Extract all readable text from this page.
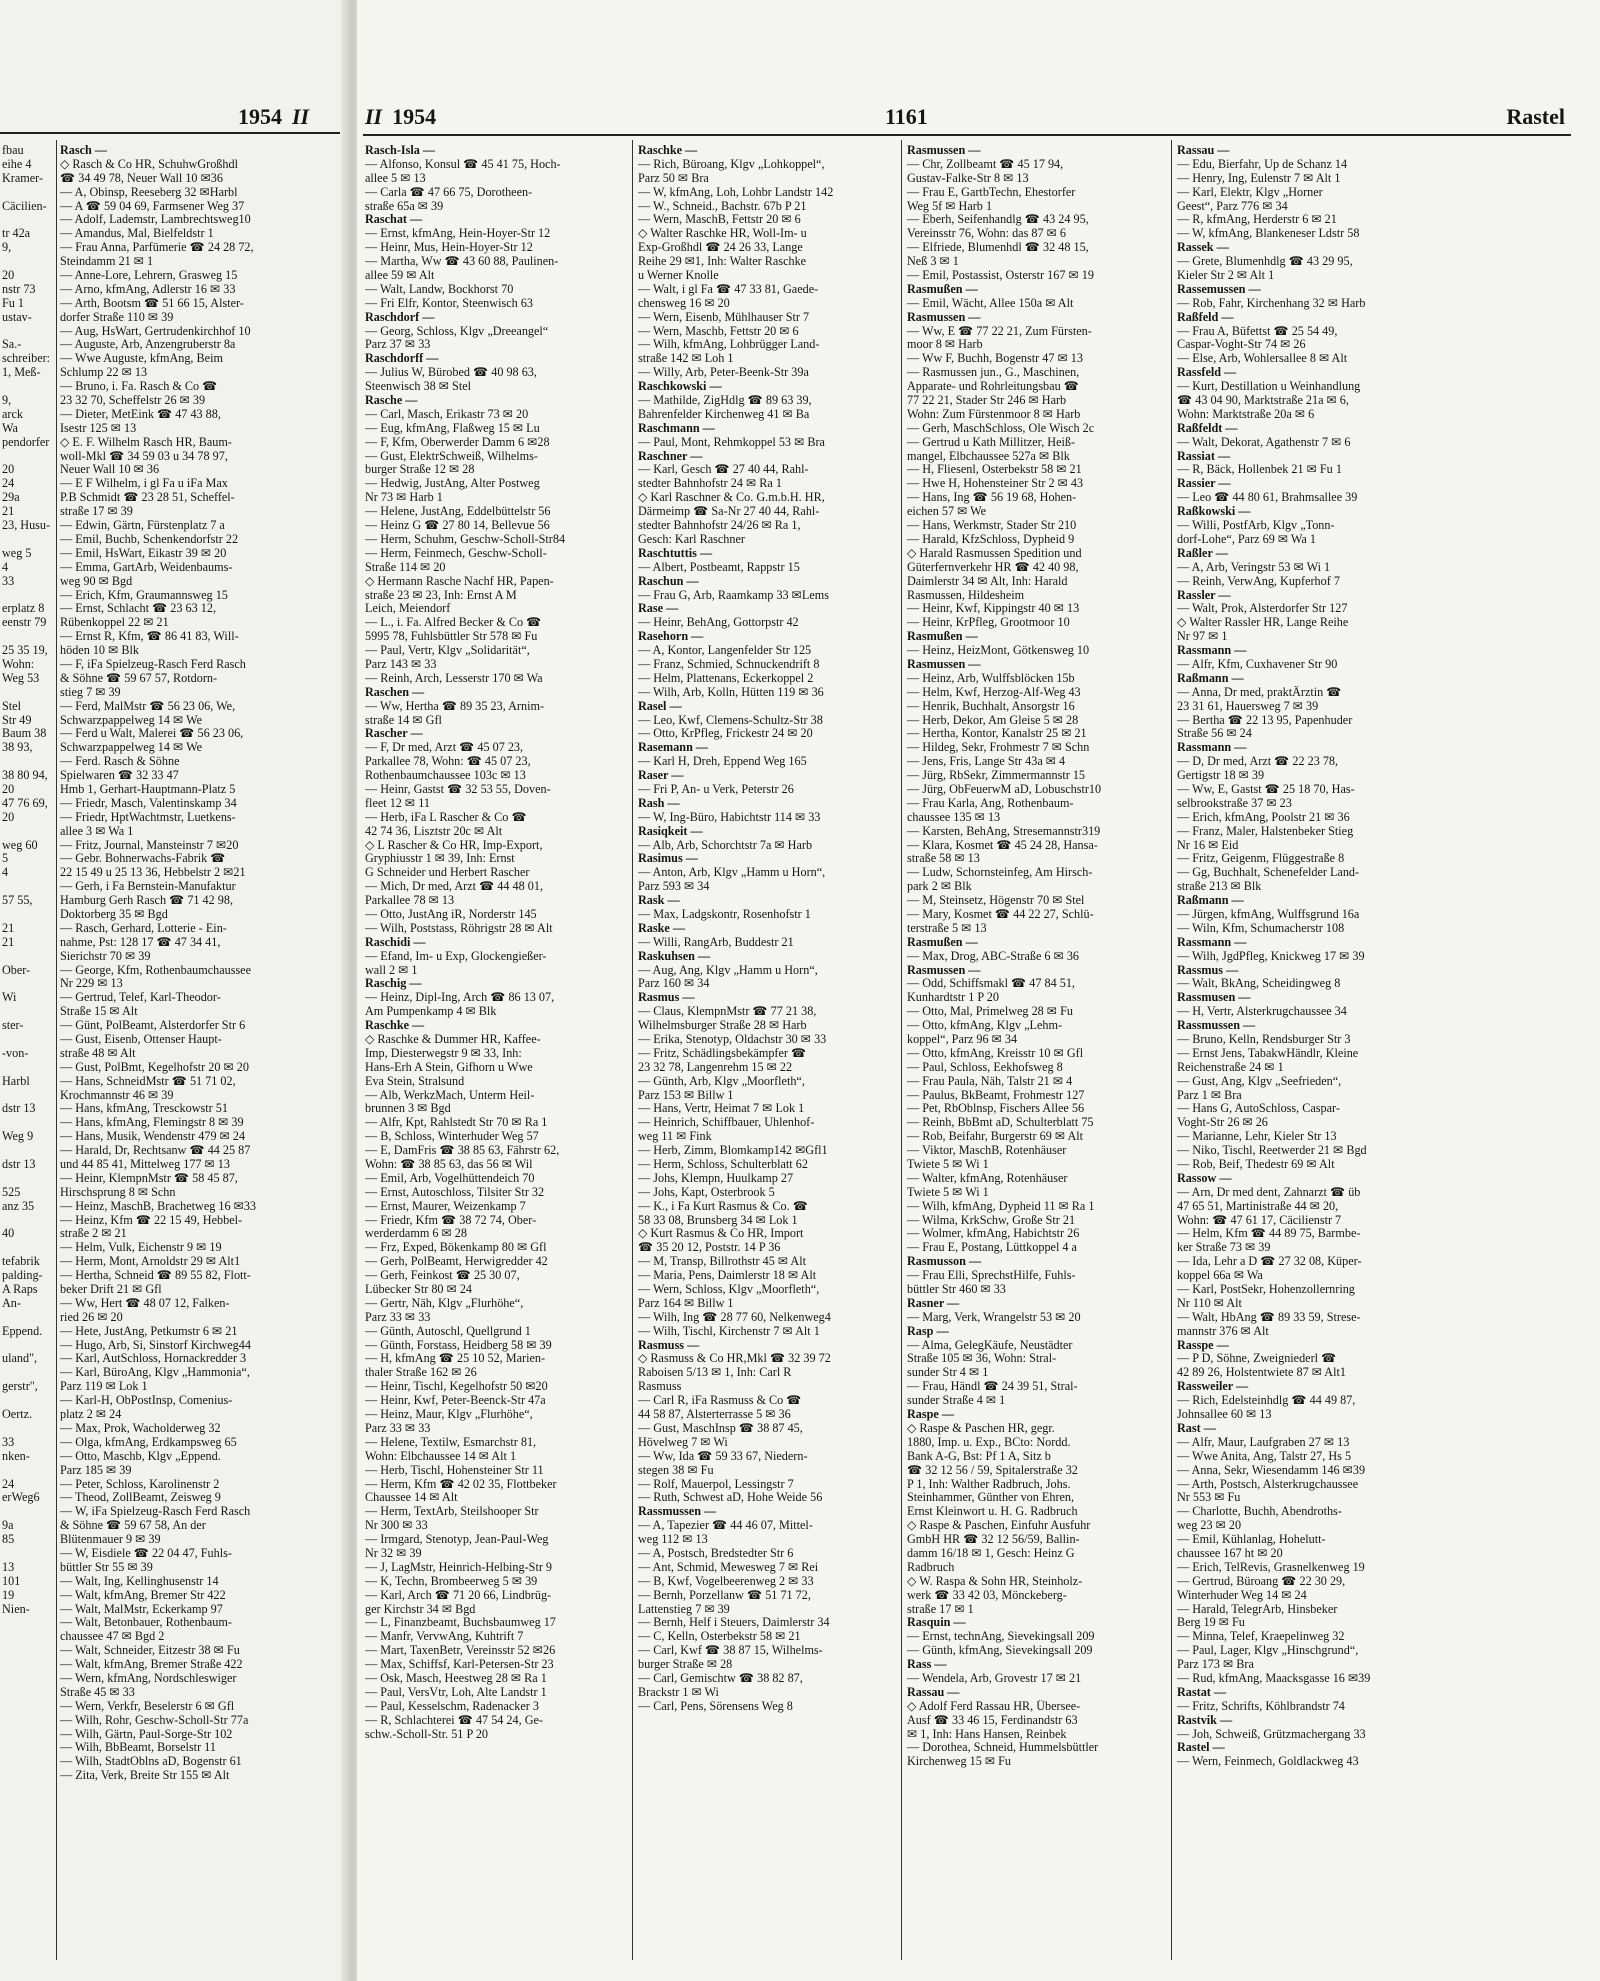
1954 II
fbau
eihe 4
Kramer-
Cäcilien-
tr 42a
9,
20
nstr 73
Fu 1
ustav-
Sa.-
schreiber:
1, Meß-
9,
arck
Wa
pendorfer
20
24
29a
21
23, Husu-
weg 5
4
33
erplatz 8
eenstr 79
25 35 19,
Wohn:
Weg 53
Stel
Str 49
Baum 38
38 93,
38 80 94,
20
47 76 69,
20
weg 60
5
4
57 55,
21
21
Ober-
Wi
ster-
-von-
Harbl
dstr 13
Weg 9
dstr 13
525
anz 35
40
tefabrik
palding-
A Raps
An-
Eppend.
uland",
gerstr",
Oertz.
33
nken-
24
erWeg6
9a
85
13
101
19
Nien-
Rasch —
◇ Rasch & Co HR, SchuhwGroßhdl
☎ 34 49 78, Neuer Wall 10 ✉36
— A, Obinsp, Reeseberg 32 ✉Harbl
— A ☎ 59 04 69, Farmsener Weg 37
— Adolf, Lademstr, Lambrechtsweg10
— Amandus, Mal, Bielfeldstr 1
— Frau Anna, Parfümerie ☎ 24 28 72,
Steindamm 21 ✉ 1
— Anne-Lore, Lehrern, Grasweg 15
— Arno, kfmAng, Adlerstr 16 ✉ 33
— Arth, Bootsm ☎ 51 66 15, Alster-
dorfer Straße 110 ✉ 39
— Aug, HsWart, Gertrudenkirchhof 10
— Auguste, Arb, Anzengruberstr 8a
— Wwe Auguste, kfmAng, Beim
Schlump 22 ✉ 13
— Bruno, i. Fa. Rasch & Co ☎
23 32 70, Scheffelstr 26 ✉ 39
— Dieter, MetEink ☎ 47 43 88,
Isestr 125 ✉ 13
◇ E. F. Wilhelm Rasch HR, Baum-
woll-Mkl ☎ 34 59 03 u 34 78 97,
Neuer Wall 10 ✉ 36
— E F Wilhelm, i gl Fa u iFa Max
P.B Schmidt ☎ 23 28 51, Scheffel-
straße 17 ✉ 39
— Edwin, Gärtn, Fürstenplatz 7 a
— Emil, Buchb, Schenkendorfstr 22
— Emil, HsWart, Eikastr 39 ✉ 20
— Emma, GartArb, Weidenbaums-
weg 90 ✉ Bgd
— Erich, Kfm, Graumannsweg 15
— Ernst, Schlacht ☎ 23 63 12,
Rübenkoppel 22 ✉ 21
— Ernst R, Kfm, ☎ 86 41 83, Will-
höden 10 ✉ Blk
— F, iFa Spielzeug-Rasch Ferd Rasch
& Söhne ☎ 59 67 57, Rotdorn-
stieg 7 ✉ 39
— Ferd, MalMstr ☎ 56 23 06, We,
Schwarzpappelweg 14 ✉ We
— Ferd u Walt, Malerei ☎ 56 23 06,
Schwarzpappelweg 14 ✉ We
— Ferd. Rasch & Söhne
Spielwaren ☎ 32 33 47
Hmb 1, Gerhart-Hauptmann-Platz 5
— Friedr, Masch, Valentinskamp 34
— Friedr, HptWachtmstr, Luetkens-
allee 3 ✉ Wa 1
— Fritz, Journal, Mansteinstr 7 ✉20
— Gebr. Bohnerwachs-Fabrik ☎
22 15 49 u 25 13 36, Hebbelstr 2 ✉21
— Gerh, i Fa Bernstein-Manufaktur
Hamburg Gerh Rasch ☎ 71 42 98,
Doktorberg 35 ✉ Bgd
— Rasch, Gerhard, Lotterie - Ein-
nahme, Pst: 128 17 ☎ 47 34 41,
Sierichstr 70 ✉ 39
— George, Kfm, Rothenbaumchaussee
Nr 229 ✉ 13
— Gertrud, Telef, Karl-Theodor-
Straße 15 ✉ Alt
— Günt, PolBeamt, Alsterdorfer Str 6
— Gust, Eisenb, Ottenser Haupt-
straße 48 ✉ Alt
— Gust, PolBmt, Kegelhofstr 20 ✉ 20
— Hans, SchneidMstr ☎ 51 71 02,
Krochmannstr 46 ✉ 39
— Hans, kfmAng, Tresckowstr 51
— Hans, kfmAng, Flemingstr 8 ✉ 39
— Hans, Musik, Wendenstr 479 ✉ 24
— Harald, Dr, Rechtsanw ☎ 44 25 87
und 44 85 41, Mittelweg 177 ✉ 13
— Heinr, KlempnMstr ☎ 58 45 87,
Hirschsprung 8 ✉ Schn
— Heinz, MaschB, Brachetweg 16 ✉33
— Heinz, Kfm ☎ 22 15 49, Hebbel-
straße 2 ✉ 21
— Helm, Vulk, Eichenstr 9 ✉ 19
— Herm, Mont, Arnoldstr 29 ✉ Alt1
— Hertha, Schneid ☎ 89 55 82, Flott-
beker Drift 21 ✉ Gfl
— Ww, Hert ☎ 48 07 12, Falken-
ried 26 ✉ 20
— Hete, JustAng, Petkumstr 6 ✉ 21
— Hugo, Arb, Si, Sinstorf Kirchweg44
— Karl, AutSchloss, Hornackredder 3
— Karl, BüroAng, Klgv „Hammonia“,
Parz 119 ✉ Lok 1
— Karl-H, ObPostInsp, Comenius-
platz 2 ✉ 24
— Max, Prok, Wacholderweg 32
— Olga, kfmAng, Erdkampsweg 65
— Otto, Maschb, Klgv „Eppend.
Parz 185 ✉ 39
— Peter, Schloss, Karolinenstr 2
— Theod, ZollBeamt, Zeisweg 9
— W, iFa Spielzeug-Rasch Ferd Rasch
& Söhne ☎ 59 67 58, An der
Blütenmauer 9 ✉ 39
— W, Eisdiele ☎ 22 04 47, Fuhls-
büttler Str 55 ✉ 39
— Walt, Ing, Kellinghusenstr 14
— Walt, kfmAng, Bremer Str 422
— Walt, MalMstr, Eckerkamp 97
— Walt, Betonbauer, Rothenbaum-
chaussee 47 ✉ Bgd 2
— Walt, Schneider, Eitzestr 38 ✉ Fu
— Walt, kfmAng, Bremer Straße 422
— Wern, kfmAng, Nordschleswiger
Straße 45 ✉ 33
— Wern, Verkfr, Beselerstr 6 ✉ Gfl
— Wilh, Rohr, Geschw-Scholl-Str 77a
— Wilh, Gärtn, Paul-Sorge-Str 102
— Wilh, BbBeamt, Borselstr 11
— Wilh, StadtOblns aD, Bogenstr 61
— Zita, Verk, Breite Str 155 ✉ Alt
II 1954	1161	Rastel
Rasch-Isla —
— Alfonso, Konsul ☎ 45 41 75, Hoch-
allee 5 ✉ 13
— Carla ☎ 47 66 75, Dorotheen-
straße 65a ✉ 39
Raschat —
— Ernst, kfmAng, Hein-Hoyer-Str 12
— Heinr, Mus, Hein-Hoyer-Str 12
— Martha, Ww ☎ 43 60 88, Paulinen-
allee 59 ✉ Alt
— Walt, Landw, Bockhorst 70
— Fri Elfr, Kontor, Steenwisch 63
Raschdorf —
— Georg, Schloss, Klgv „Dreeangel“
Parz 37 ✉ 33
Raschdorff —
— Julius W, Bürobed ☎ 40 98 63,
Steenwisch 38 ✉ Stel
Rasche —
— Carl, Masch, Erikastr 73 ✉ 20
— Eug, kfmAng, Flaßweg 15 ✉ Lu
— F, Kfm, Oberwerder Damm 6 ✉28
— Gust, ElektrSchweiß, Wilhelms-
burger Straße 12 ✉ 28
— Hedwig, JustAng, Alter Postweg
Nr 73 ✉ Harb 1
— Helene, JustAng, Eddelbüttelstr 56
— Heinz G ☎ 27 80 14, Bellevue 56
— Herm, Schuhm, Geschw-Scholl-Str84
— Herm, Feinmech, Geschw-Scholl-
Straße 114 ✉ 20
◇ Hermann Rasche Nachf HR, Papen-
straße 23 ✉ 23, Inh: Ernst A M
Leich, Meiendorf
— L., i. Fa. Alfred Becker & Co ☎
5995 78, Fuhlsbüttler Str 578 ✉ Fu
— Paul, Vertr, Klgv „Solidarität“,
Parz 143 ✉ 33
— Reinh, Arch, Lesserstr 170 ✉ Wa
Raschen —
— Ww, Hertha ☎ 89 35 23, Arnim-
straße 14 ✉ Gfl
Rascher —
— F, Dr med, Arzt ☎ 45 07 23,
Parkallee 78, Wohn: ☎ 45 07 23,
Rothenbaumchaussee 103c ✉ 13
— Heinr, Gastst ☎ 32 53 55, Doven-
fleet 12 ✉ 11
— Herb, iFa L Rascher & Co ☎
42 74 36, Lisztstr 20c ✉ Alt
◇ L Rascher & Co HR, Imp-Export,
Gryphiusstr 1 ✉ 39, Inh: Ernst
G Schneider und Herbert Rascher
— Mich, Dr med, Arzt ☎ 44 48 01,
Parkallee 78 ✉ 13
— Otto, JustAng iR, Norderstr 145
— Wilh, Poststass, Röhrigstr 28 ✉ Alt
Raschidi —
— Efand, Im- u Exp, Glockengießer-
wall 2 ✉ 1
Raschig —
— Heinz, Dipl-Ing, Arch ☎ 86 13 07,
Am Pumpenkamp 4 ✉ Blk
Raschke —
◇ Raschke & Dummer HR, Kaffee-
Imp, Diesterwegstr 9 ✉ 33, Inh:
Hans-Erh A Stein, Gifhorn u Wwe
Eva Stein, Stralsund
— Alb, WerkzMach, Unterm Heil-
brunnen 3 ✉ Bgd
— Alfr, Kpt, Rahlstedt Str 70 ✉ Ra 1
— B, Schloss, Winterhuder Weg 57
— E, DamFris ☎ 38 85 63, Fährstr 62,
Wohn: ☎ 38 85 63, das 56 ✉ Wil
— Emil, Arb, Vogelhüttendeich 70
— Ernst, Autoschloss, Tilsiter Str 32
— Ernst, Maurer, Weizenkamp 7
— Friedr, Kfm ☎ 38 72 74, Ober-
werderdamm 6 ✉ 28
— Frz, Exped, Bökenkamp 80 ✉ Gfl
— Gerh, PolBeamt, Herwigredder 42
— Gerh, Feinkost ☎ 25 30 07,
Lübecker Str 80 ✉ 24
— Gertr, Näh, Klgv „Flurhöhe“,
Parz 33 ✉ 33
— Günth, Autoschl, Quellgrund 1
— Günth, Forstass, Heidberg 58 ✉ 39
— H, kfmAng ☎ 25 10 52, Marien-
thaler Straße 162 ✉ 26
— Heinr, Tischl, Kegelhofstr 50 ✉20
— Heinr, Kwf, Peter-Beenck-Str 47a
— Heinz, Maur, Klgv „Flurhöhe“,
Parz 33 ✉ 33
— Helene, Textilw, Esmarchstr 81,
Wohn: Elbchaussee 14 ✉ Alt 1
— Herb, Tischl, Hohensteiner Str 11
— Herm, Kfm ☎ 42 02 35, Flottbeker
Chaussee 14 ✉ Alt
— Herm, TextArb, Steilshooper Str
Nr 300 ✉ 33
— Irmgard, Stenotyp, Jean-Paul-Weg
Nr 32 ✉ 39
— J, LagMstr, Heinrich-Helbing-Str 9
— K, Techn, Brombeerweg 5 ✉ 39
— Karl, Arch ☎ 71 20 66, Lindbrüg-
ger Kirchstr 34 ✉ Bgd
— L, Finanzbeamt, Buchsbaumweg 17
— Manfr, VervwAng, Kuhtrift 7
— Mart, TaxenBetr, Vereinsstr 52 ✉26
— Max, Schiffsf, Karl-Petersen-Str 23
— Osk, Masch, Heestweg 28 ✉ Ra 1
— Paul, VersVtr, Loh, Alte Landstr 1
— Paul, Kesselschm, Radenacker 3
— R, Schlachterei ☎ 47 54 24, Ge-
schw.-Scholl-Str. 51 P 20
Raschke —
— Rich, Büroang, Klgv „Lohkoppel“,
Parz 50 ✉ Bra
— W, kfmAng, Loh, Lohbr Landstr 142
— W., Schneid., Bachstr. 67b P 21
— Wern, MaschB, Fettstr 20 ✉ 6
◇ Walter Raschke HR, Woll-Im- u
Exp-Großhdl ☎ 24 26 33, Lange
Reihe 29 ✉1, Inh: Walter Raschke
u Werner Knolle
— Walt, i gl Fa ☎ 47 33 81, Gaede-
chensweg 16 ✉ 20
— Wern, Eisenb, Mühlhauser Str 7
— Wern, Maschb, Fettstr 20 ✉ 6
— Wilh, kfmAng, Lohbrügger Land-
straße 142 ✉ Loh 1
— Willy, Arb, Peter-Beenk-Str 39a
Raschkowski —
— Mathilde, ZigHdlg ☎ 89 63 39,
Bahrenfelder Kirchenweg 41 ✉ Ba
Raschmann —
— Paul, Mont, Rehmkoppel 53 ✉ Bra
Raschner —
— Karl, Gesch ☎ 27 40 44, Rahl-
stedter Bahnhofstr 24 ✉ Ra 1
◇ Karl Raschner & Co. G.m.b.H. HR,
Därmeimp ☎ Sa-Nr 27 40 44, Rahl-
stedter Bahnhofstr 24/26 ✉ Ra 1,
Gesch: Karl Raschner
Raschtuttis —
— Albert, Postbeamt, Rappstr 15
Raschun —
— Frau G, Arb, Raamkamp 33 ✉Lems
Rase —
— Heinr, BehAng, Gottorpstr 42
Rasehorn —
— A, Kontor, Langenfelder Str 125
— Franz, Schmied, Schnuckendrift 8
— Helm, Plattenans, Eckerkoppel 2
— Wilh, Arb, Kolln, Hütten 119 ✉ 36
Rasel —
— Leo, Kwf, Clemens-Schultz-Str 38
— Otto, KrPfleg, Frickestr 24 ✉ 20
Rasemann —
— Karl H, Dreh, Eppend Weg 165
Raser —
— Fri P, An- u Verk, Peterstr 26
Rash —
— W, Ing-Büro, Habichtstr 114 ✉ 33
Rasiqkeit —
— Alb, Arb, Schorchtstr 7a ✉ Harb
Rasimus —
— Anton, Arb, Klgv „Hamm u Horn“,
Parz 593 ✉ 34
Rask —
— Max, Ladgskontr, Rosenhofstr 1
Raske —
— Willi, RangArb, Buddestr 21
Raskuhsen —
— Aug, Ang, Klgv „Hamm u Horn“,
Parz 160 ✉ 34
Rasmus —
— Claus, KlempnMstr ☎ 77 21 38,
Wilhelmsburger Straße 28 ✉ Harb
— Erika, Stenotyp, Oldachstr 30 ✉ 33
— Fritz, Schädlingsbekämpfer ☎
23 32 78, Langenrehm 15 ✉ 22
— Günth, Arb, Klgv „Moorfleth“,
Parz 153 ✉ Billw 1
— Hans, Vertr, Heimat 7 ✉ Lok 1
— Heinrich, Schiffbauer, Uhlenhof-
weg 11 ✉ Fink
— Herb, Zimm, Blomkamp142 ✉Gfl1
— Herm, Schloss, Schulterblatt 62
— Johs, Klempn, Huulkamp 27
— Johs, Kapt, Osterbrook 5
— K., i Fa Kurt Rasmus & Co. ☎
58 33 08, Brunsberg 34 ✉ Lok 1
◇ Kurt Rasmus & Co HR, Import
☎ 35 20 12, Poststr. 14 P 36
— M, Transp, Billrothstr 45 ✉ Alt
— Maria, Pens, Daimlerstr 18 ✉ Alt
— Wern, Schloss, Klgv „Moorfleth“,
Parz 164 ✉ Billw 1
— Wilh, Ing ☎ 28 77 60, Nelkenweg4
— Wilh, Tischl, Kirchenstr 7 ✉ Alt 1
Rasmuss —
◇ Rasmuss & Co HR,Mkl ☎ 32 39 72
Raboisen 5/13 ✉ 1, Inh: Carl R
Rasmuss
— Carl R, iFa Rasmuss & Co ☎
44 58 87, Alsterterrasse 5 ✉ 36
— Gust, MaschInsp ☎ 38 87 45,
Hövelweg 7 ✉ Wi
— Ww, Ida ☎ 59 33 67, Niedern-
stegen 38 ✉ Fu
— Rolf, Mauerpol, Lessingstr 7
— Ruth, Schwest aD, Hohe Weide 56
Rassmussen —
— A, Tapezier ☎ 44 46 07, Mittel-
weg 112 ✉ 13
— A, Postsch, Bredstedter Str 6
— Ant, Schmid, Mewesweg 7 ✉ Rei
— B, Kwf, Vogelbeerenweg 2 ✉ 33
— Bernh, Porzellanw ☎ 51 71 72,
Lattenstieg 7 ✉ 39
— Bernh, Helf i Steuers, Daimlerstr 34
— C, Kelln, Osterbekstr 58 ✉ 21
— Carl, Kwf ☎ 38 87 15, Wilhelms-
burger Straße ✉ 28
— Carl, Gemischtw ☎ 38 82 87,
Brackstr 1 ✉ Wi
— Carl, Pens, Sörensens Weg 8
Rasmussen —
— Chr, Zollbeamt ☎ 45 17 94,
Gustav-Falke-Str 8 ✉ 13
— Frau E, GartbTechn, Ehestorfer
Weg 5f ✉ Harb 1
— Eberh, Seifenhandlg ☎ 43 24 95,
Vereinsstr 76, Wohn: das 87 ✉ 6
— Elfriede, Blumenhdl ☎ 32 48 15,
Neß 3 ✉ 1
— Emil, Postassist, Osterstr 167 ✉ 19
Rasmußen —
— Emil, Wächt, Allee 150a ✉ Alt
Rasmussen —
— Ww, E ☎ 77 22 21, Zum Fürsten-
moor 8 ✉ Harb
— Ww F, Buchh, Bogenstr 47 ✉ 13
— Rasmussen jun., G., Maschinen,
Apparate- und Rohrleitungsbau ☎
77 22 21, Stader Str 246 ✉ Harb
Wohn: Zum Fürstenmoor 8 ✉ Harb
— Gerh, MaschSchloss, Ole Wisch 2c
— Gertrud u Kath Millitzer, Heiß-
mangel, Elbchaussee 527a ✉ Blk
— H, Fliesenl, Osterbekstr 58 ✉ 21
— Hwe H, Hohensteiner Str 2 ✉ 43
— Hans, Ing ☎ 56 19 68, Hohen-
eichen 57 ✉ We
— Hans, Werkmstr, Stader Str 210
— Harald, KfzSchloss, Dypheid 9
◇ Harald Rasmussen Spedition und
Güterfernverkehr HR ☎ 42 40 98,
Daimlerstr 34 ✉ Alt, Inh: Harald
Rasmussen, Hildesheim
— Heinr, Kwf, Kippingstr 40 ✉ 13
— Heinr, KrPfleg, Grootmoor 10
Rasmußen —
— Heinz, HeizMont, Götkensweg 10
Rasmussen —
— Heinz, Arb, Wulffsblöcken 15b
— Helm, Kwf, Herzog-Alf-Weg 43
— Henrik, Buchhalt, Ansorgstr 16
— Herb, Dekor, Am Gleise 5 ✉ 28
— Hertha, Kontor, Kanalstr 25 ✉ 21
— Hildeg, Sekr, Frohmestr 7 ✉ Schn
— Jens, Fris, Lange Str 43a ✉ 4
— Jürg, RbSekr, Zimmermannstr 15
— Jürg, ObFeuerwM aD, Lobuschstr10
— Frau Karla, Ang, Rothenbaum-
chaussee 135 ✉ 13
— Karsten, BehAng, Stresemannstr319
— Klara, Kosmet ☎ 45 24 28, Hansa-
straße 58 ✉ 13
— Ludw, Schornsteinfeg, Am Hirsch-
park 2 ✉ Blk
— M, Steinsetz, Högenstr 70 ✉ Stel
— Mary, Kosmet ☎ 44 22 27, Schlü-
terstraße 5 ✉ 13
Rasmußen —
— Max, Drog, ABC-Straße 6 ✉ 36
Rasmussen —
— Odd, Schiffsmakl ☎ 47 84 51,
Kunhardtstr 1 P 20
— Otto, Mal, Primelweg 28 ✉ Fu
— Otto, kfmAng, Klgv „Lehm-
koppel“, Parz 96 ✉ 34
— Otto, kfmAng, Kreisstr 10 ✉ Gfl
— Paul, Schloss, Eekhofsweg 8
— Frau Paula, Näh, Talstr 21 ✉ 4
— Paulus, BkBeamt, Frohmestr 127
— Pet, RbOblnsp, Fischers Allee 56
— Reinh, BbBmt aD, Schulterblatt 75
— Rob, Beifahr, Burgerstr 69 ✉ Alt
— Viktor, MaschB, Rotenhäuser
Twiete 5 ✉ Wi 1
— Walter, kfmAng, Rotenhäuser
Twiete 5 ✉ Wi 1
— Wilh, kfmAng, Dypheid 11 ✉ Ra 1
— Wilma, KrkSchw, Große Str 21
— Wolmer, kfmAng, Habichtstr 26
— Frau E, Postang, Lüttkoppel 4 a
Rasmusson —
— Frau Elli, SprechstHilfe, Fuhls-
büttler Str 460 ✉ 33
Rasner —
— Marg, Verk, Wrangelstr 53 ✉ 20
Rasp —
— Alma, GelegKäufe, Neustädter
Straße 105 ✉ 36, Wohn: Stral-
sunder Str 4 ✉ 1
— Frau, Händl ☎ 24 39 51, Stral-
sunder Straße 4 ✉ 1
Raspe —
◇ Raspe & Paschen HR, gegr.
1880, Imp. u. Exp., BCto: Nordd.
Bank A-G, Bst: Pf 1 A, Sitz b
☎ 32 12 56 / 59, Spitalerstraße 32
P 1, Inh: Walther Radbruch, Johs.
Steinhammer, Günther von Ehren,
Ernst Kleinwort u. H. G. Radbruch
◇ Raspe & Paschen, Einfuhr Ausfuhr
GmbH HR ☎ 32 12 56/59, Ballin-
damm 16/18 ✉ 1, Gesch: Heinz G
Radbruch
◇ W. Raspa & Sohn HR, Steinholz-
werk ☎ 33 42 03, Mönckeberg-
straße 17 ✉ 1
Rasquin —
— Ernst, technAng, Sievekingsall 209
— Günth, kfmAng, Sievekingsall 209
Rass —
— Wendela, Arb, Grovestr 17 ✉ 21
Rassau —
◇ Adolf Ferd Rassau HR, Übersee-
Ausf ☎ 33 46 15, Ferdinandstr 63
✉ 1, Inh: Hans Hansen, Reinbek
— Dorothea, Schneid, Hummelsbüttler
Kirchenweg 15 ✉ Fu
Rassau —
— Edu, Bierfahr, Up de Schanz 14
— Henry, Ing, Eulenstr 7 ✉ Alt 1
— Karl, Elektr, Klgv „Horner
Geest“, Parz 776 ✉ 34
— R, kfmAng, Herderstr 6 ✉ 21
— W, kfmAng, Blankeneser Ldstr 58
Rassek —
— Grete, Blumenhdlg ☎ 43 29 95,
Kieler Str 2 ✉ Alt 1
Rassemussen —
— Rob, Fahr, Kirchenhang 32 ✉ Harb
Raßfeld —
— Frau A, Büfettst ☎ 25 54 49,
Caspar-Voght-Str 74 ✉ 26
— Else, Arb, Wohlersallee 8 ✉ Alt
Rassfeld —
— Kurt, Destillation u Weinhandlung
☎ 43 04 90, Marktstraße 21a ✉ 6,
Wohn: Marktstraße 20a ✉ 6
Raßfeldt —
— Walt, Dekorat, Agathenstr 7 ✉ 6
Rassiat —
— R, Bäck, Hollenbek 21 ✉ Fu 1
Rassier —
— Leo ☎ 44 80 61, Brahmsallee 39
Raßkowski —
— Willi, PostfArb, Klgv „Tonn-
dorf-Lohe“, Parz 69 ✉ Wa 1
Raßler —
— A, Arb, Veringstr 53 ✉ Wi 1
— Reinh, VerwAng, Kupferhof 7
Rassler —
— Walt, Prok, Alsterdorfer Str 127
◇ Walter Rassler HR, Lange Reihe
Nr 97 ✉ 1
Rassmann —
— Alfr, Kfm, Cuxhavener Str 90
Raßmann —
— Anna, Dr med, praktÄrztin ☎
23 31 61, Hauersweg 7 ✉ 39
— Bertha ☎ 22 13 95, Papenhuder
Straße 56 ✉ 24
Rassmann —
— D, Dr med, Arzt ☎ 22 23 78,
Gertigstr 18 ✉ 39
— Ww, E, Gastst ☎ 25 18 70, Has-
selbrookstraße 37 ✉ 23
— Erich, kfmAng, Poolstr 21 ✉ 36
— Franz, Maler, Halstenbeker Stieg
Nr 16 ✉ Eid
— Fritz, Geigenm, Flüggestraße 8
— Gg, Buchhalt, Schenefelder Land-
straße 213 ✉ Blk
Raßmann —
— Jürgen, kfmAng, Wulffsgrund 16a
— Wiln, Kfm, Schumacherstr 108
Rassmann —
— Wilh, JgdPfleg, Knickweg 17 ✉ 39
Rassmus —
— Walt, BkAng, Scheidingweg 8
Rassmusen —
— H, Vertr, Alsterkrugchaussee 34
Rassmussen —
— Bruno, Kelln, Rendsburger Str 3
— Ernst Jens, TabakwHändlr, Kleine
Reichenstraße 24 ✉ 1
— Gust, Ang, Klgv „Seefrieden“,
Parz 1 ✉ Bra
— Hans G, AutoSchloss, Caspar-
Voght-Str 26 ✉ 26
— Marianne, Lehr, Kieler Str 13
— Niko, Tischl, Reetwerder 21 ✉ Bgd
— Rob, Beif, Thedestr 69 ✉ Alt
Rassow —
— Arn, Dr med dent, Zahnarzt ☎ üb
47 65 51, Martinistraße 44 ✉ 20,
Wohn: ☎ 47 61 17, Cäcilienstr 7
— Helm, Kfm ☎ 44 89 75, Barmbe-
ker Straße 73 ✉ 39
— Ida, Lehr a D ☎ 27 32 08, Küper-
koppel 66a ✉ Wa
— Karl, PostSekr, Hohenzollernring
Nr 110 ✉ Alt
— Walt, HbAng ☎ 89 33 59, Strese-
mannstr 376 ✉ Alt
Rasspe —
— P D, Söhne, Zweigniederl ☎
42 89 26, Holstentwiete 87 ✉ Alt1
Rassweiler —
— Rich, Edelsteinhdlg ☎ 44 49 87,
Johnsallee 60 ✉ 13
Rast —
— Alfr, Maur, Laufgraben 27 ✉ 13
— Wwe Anita, Ang, Talstr 27, Hs 5
— Anna, Sekr, Wiesendamm 146 ✉39
— Arth, Postsch, Alsterkrugchaussee
Nr 553 ✉ Fu
— Charlotte, Buchh, Abendroths-
weg 23 ✉ 20
— Emil, Kühlanlag, Hohelutt-
chaussee 167 ht ✉ 20
— Erich, TelRevis, Grasnelkenweg 19
— Gertrud, Büroang ☎ 22 30 29,
Winterhuder Weg 14 ✉ 24
— Harald, TelegrArb, Hinsbeker
Berg 19 ✉ Fu
— Minna, Telef, Kraepelinweg 32
— Paul, Lager, Klgv „Hinschgrund“,
Parz 173 ✉ Bra
— Rud, kfmAng, Maacksgasse 16 ✉39
Rastat —
— Fritz, Schrifts, Köhlbrandstr 74
Rastvik —
— Joh, Schweiß, Grützmachergang 33
Rastel —
— Wern, Feinmech, Goldlackweg 43
